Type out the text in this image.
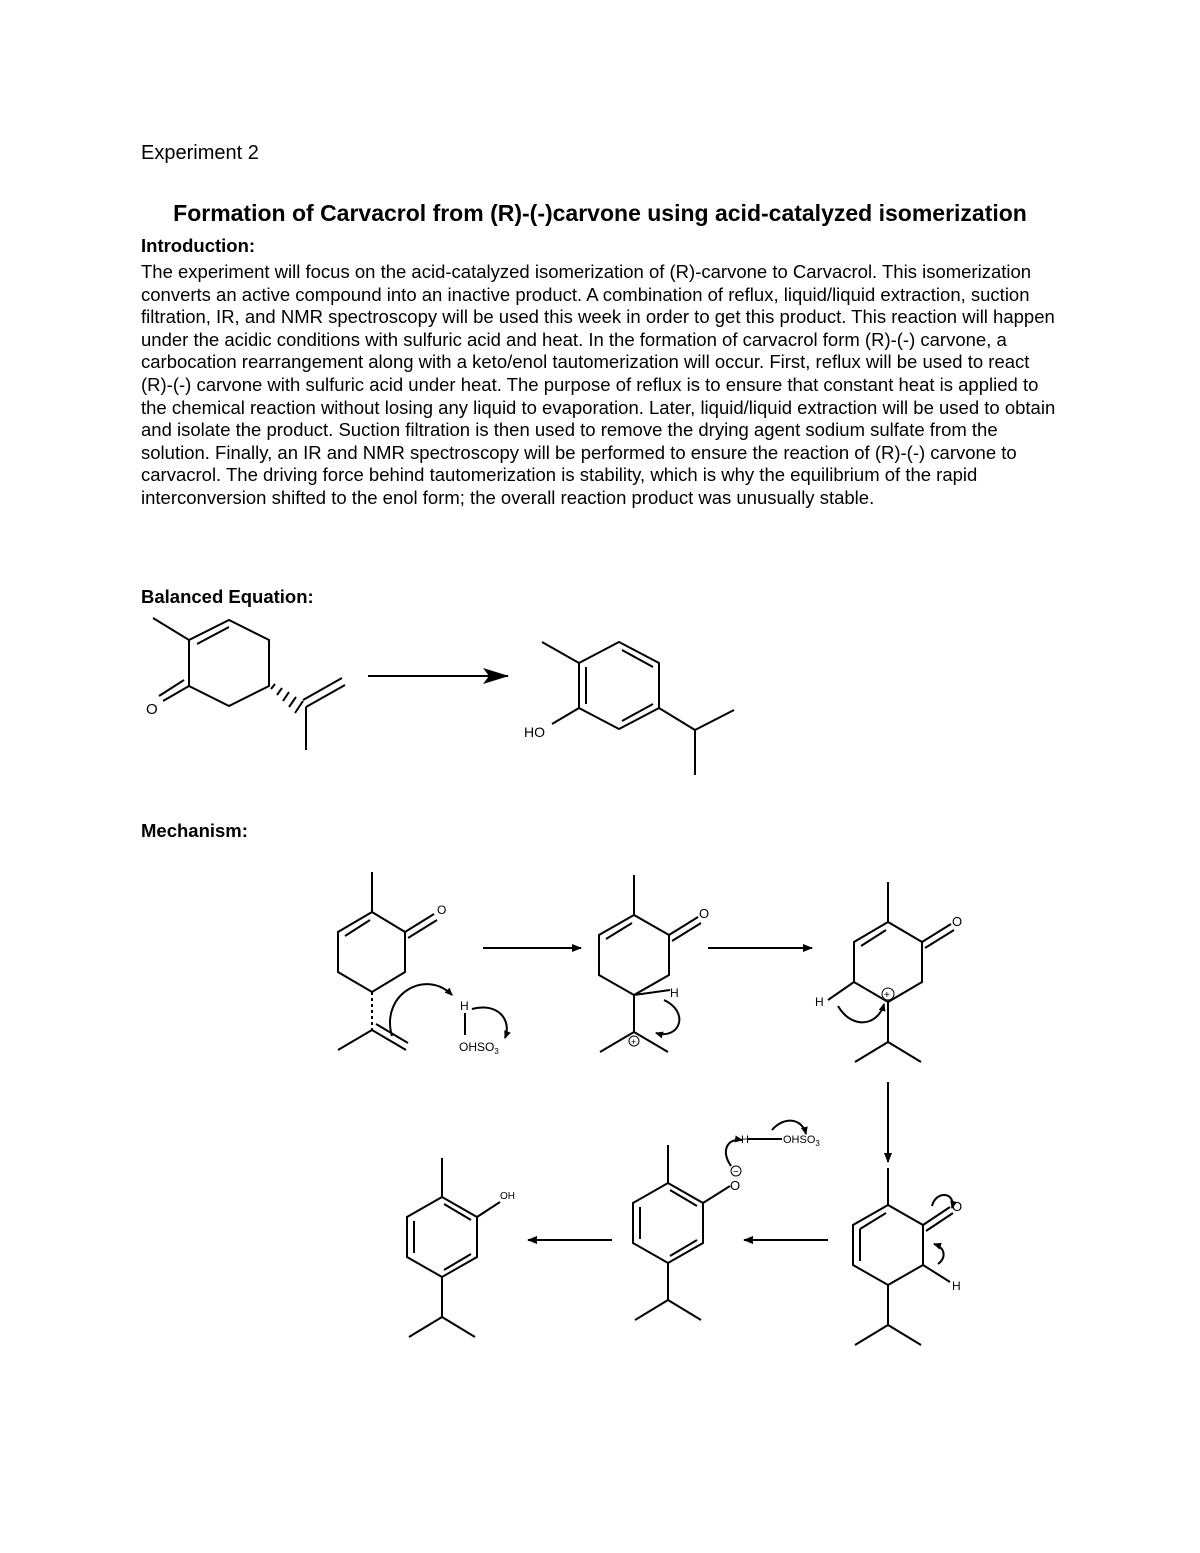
Experiment 2
Formation of Carvacrol from (R)-(-)carvone using acid-catalyzed isomerization
Introduction:

The experiment will focus on the acid-catalyzed isomerization of (R)-carvone to Carvacrol. This isomerization converts an active compound into an inactive product. A combination of reflux, liquid/liquid extraction, suction filtration, IR, and NMR spectroscopy will be used this week in order to get this product. This reaction will happen under the acidic conditions with sulfuric acid and heat. In the formation of carvacrol form (R)-(-) carvone, a carbocation rearrangement along with a keto/enol tautomerization will occur. First, reflux will be used to react (R)-(-) carvone with sulfuric acid under heat. The purpose of reflux is to ensure that constant heat is applied to the chemical reaction without losing any liquid to evaporation. Later, liquid/liquid extraction will be used to obtain and isolate the product. Suction filtration is then used to remove the drying agent sodium sulfate from the solution. Finally, an IR and NMR spectroscopy will be performed to ensure the reaction of (R)-(-) carvone to carvacrol. The driving force behind tautomerization is stability, which is why the equilibrium of the rapid interconversion shifted to the enol form; the overall reaction product was unusually stable.

Balanced Equation:
Mechanism:
O
HO
O
H
$OHSO_3$
+
O
H	+
O
H
O
H
−
O
H	$OHSO_3$
OH
